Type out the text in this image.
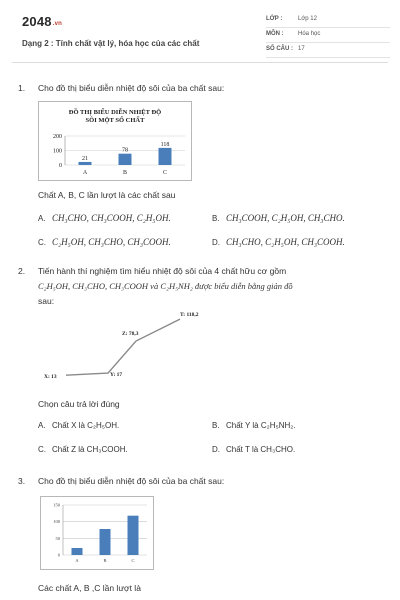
2048.vn
Dạng 2 : Tính chất vật lý, hóa học của các chất
LỚP :	Lớp 12
MÔN : Hóa học
SỐ CÂU : 17
1. Cho đồ thị biểu diễn nhiệt độ sôi của ba chất sau:
ĐỒ THỊ BIỂU DIỄN NHIỆT ĐỘ
SÔI MỘT SỐ CHẤT
0
100
200
21
A
78
B
118
C
Chất A, B, C lần lượt là các chất sau
A. CH₃CHO, CH₃COOH, C₂H₅OH.	B. CH₃COOH, C₂H₅OH, CH₃CHO.
C. C₂H₅OH, CH₃CHO, CH₃COOH.	D. CH₃CHO, C₂H₅OH, CH₃COOH.
2. Tiến hành thí nghiệm tìm hiểu nhiệt độ sôi của 4 chất hữu cơ gồm
C₂H₅OH, CH₃CHO, CH₃COOH và C₂H₅NH₂ được biểu diễn bằng giản đồ
sau:
X: 13	Y: 17
Z: 78,3
T: 118,2
Chọn câu trả lời đúng
A. Chất X là C₂H₅OH.	B. Chất Y là C₂H₅NH₂.
C. Chất Z là CH₃COOH.	D. Chất T là CH₃CHO.
3. Cho đồ thị biểu diễn nhiệt độ sôi của ba chất sau:
0
50
100
150
A	B	C
Các chất A, B ,C lần lượt là
